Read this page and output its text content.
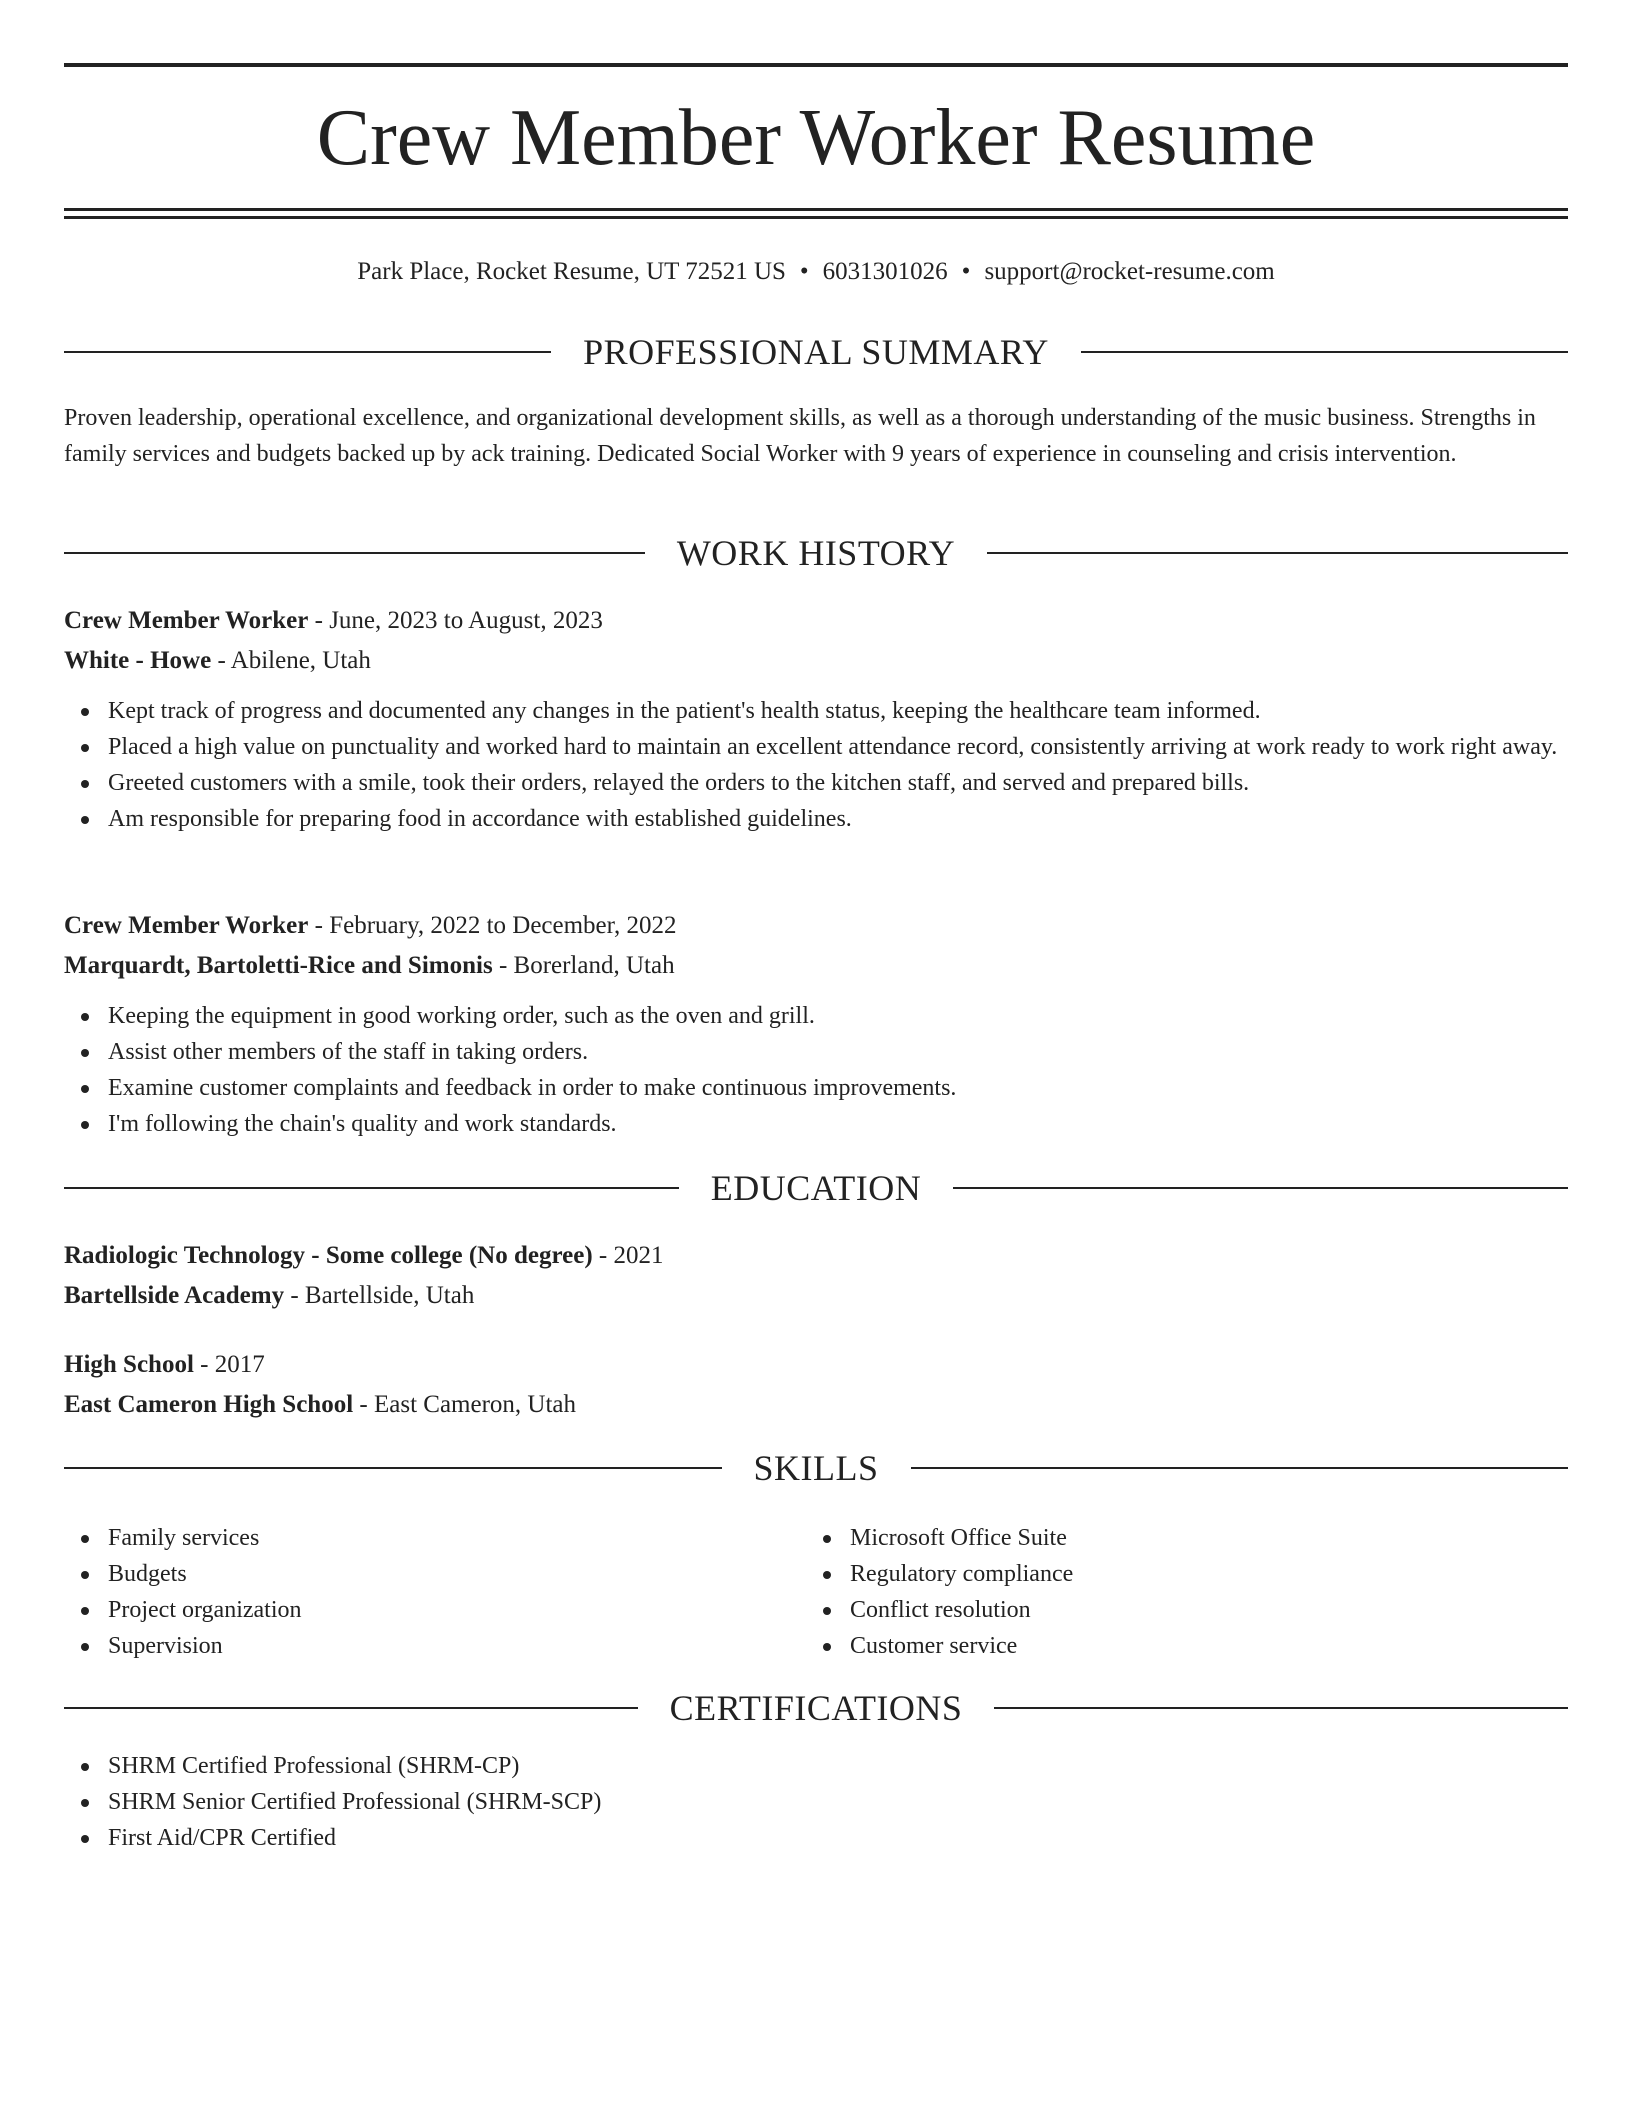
Crew Member Worker Resume
Park Place, Rocket Resume, UT 72521 US • 6031301026 • support@rocket-resume.com
PROFESSIONAL SUMMARY

Proven leadership, operational excellence, and organizational development skills, as well as a thorough understanding of the music business. Strengths in family services and budgets backed up by ack training. Dedicated Social Worker with 9 years of experience in counseling and crisis intervention.

WORK HISTORY
Crew Member Worker - June, 2023 to August, 2023
White - Howe - Abilene, Utah
Kept track of progress and documented any changes in the patient's health status, keeping the healthcare team informed.
Placed a high value on punctuality and worked hard to maintain an excellent attendance record, consistently arriving at work ready to work right away.
Greeted customers with a smile, took their orders, relayed the orders to the kitchen staff, and served and prepared bills.
Am responsible for preparing food in accordance with established guidelines.
Crew Member Worker - February, 2022 to December, 2022
Marquardt, Bartoletti-Rice and Simonis - Borerland, Utah
Keeping the equipment in good working order, such as the oven and grill.
Assist other members of the staff in taking orders.
Examine customer complaints and feedback in order to make continuous improvements.
I'm following the chain's quality and work standards.
EDUCATION
Radiologic Technology - Some college (No degree) - 2021
Bartellside Academy - Bartellside, Utah
High School - 2017
East Cameron High School - East Cameron, Utah
SKILLS
Family services
Budgets
Project organization
Supervision
Microsoft Office Suite
Regulatory compliance
Conflict resolution
Customer service
CERTIFICATIONS
SHRM Certified Professional (SHRM-CP)
SHRM Senior Certified Professional (SHRM-SCP)
First Aid/CPR Certified
